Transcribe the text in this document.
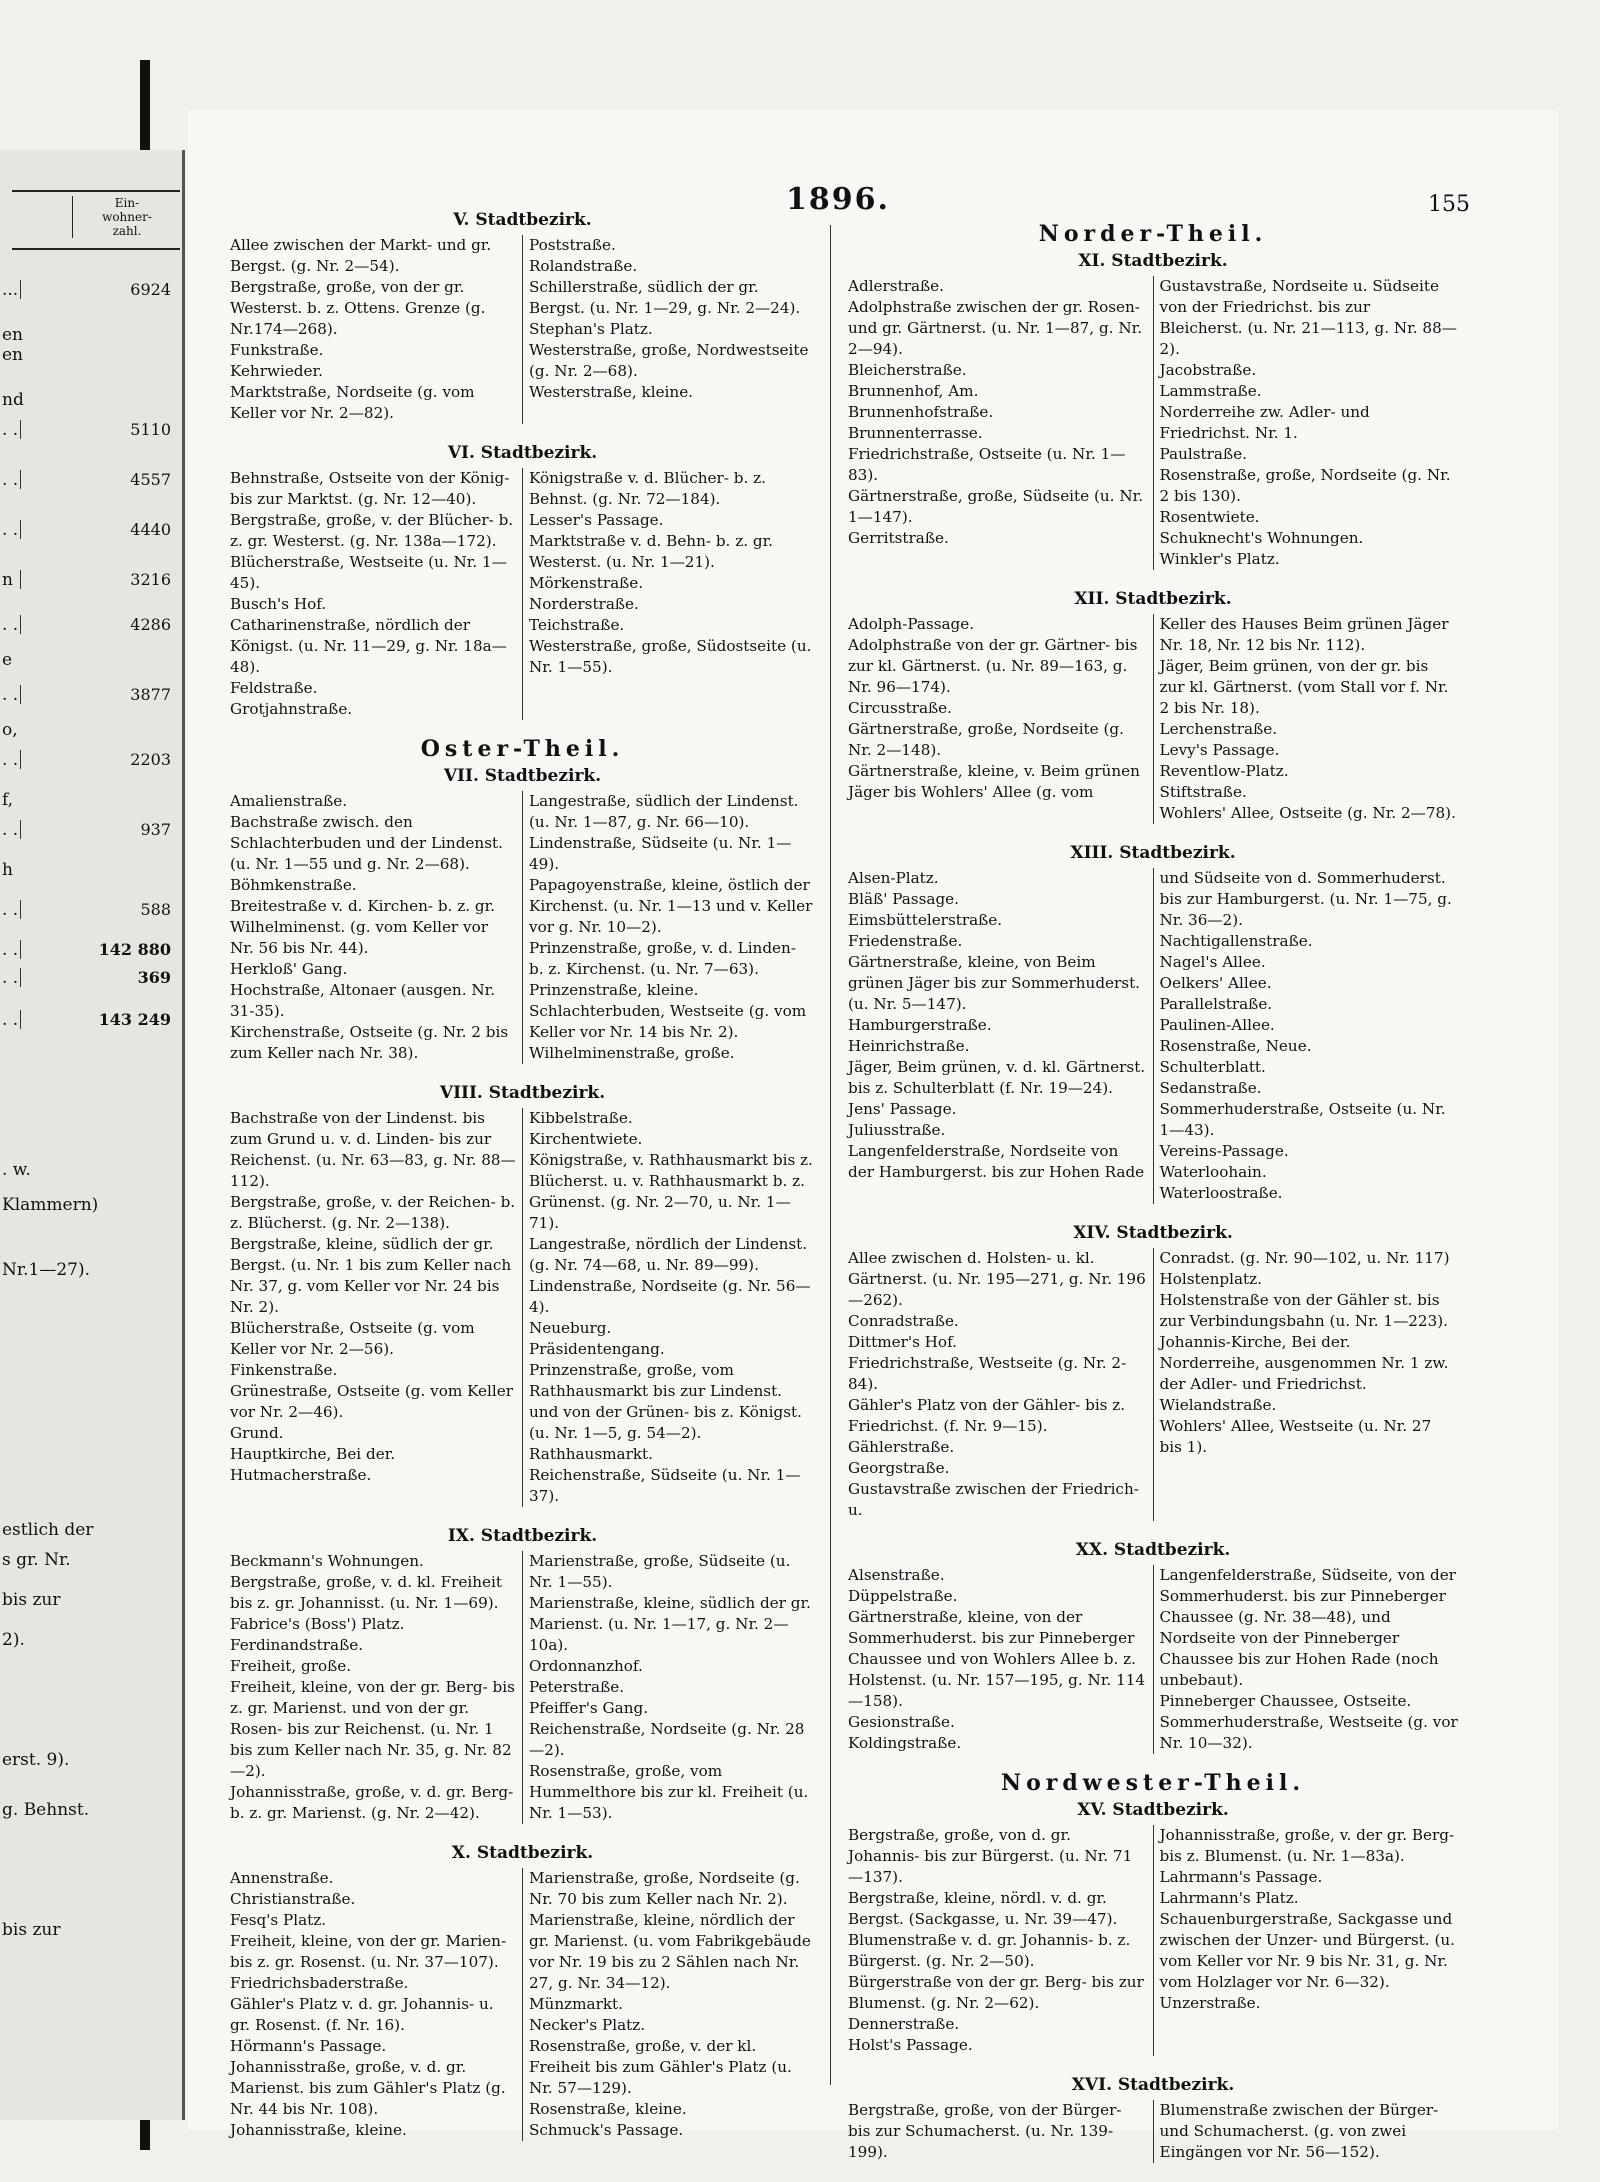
Ein-
wohner-
zahl.
...	6924
en
en
nd
. .	5110
. .	4557
. .	4440
n	3216
. .	4286
e
. .	3877
o,
. .	2203
f,
. .	937
h
. .	588
. .	142 880
. .	369
. .	143 249
. w.
Klammern)
Nr.1—27).
estlich der
s gr. Nr.
bis zur
2).
erst. 9).
g. Behnst.
bis zur
1896.	155
V. Stadtbezirk.

Allee zwischen der Markt- und gr. Bergst. (g. Nr. 2—54).

Bergstraße, große, von der gr. Westerst. b. z. Ottens. Grenze (g. Nr.174—268).

Funkstraße.

Kehrwieder.

Marktstraße, Nordseite (g. vom Keller vor Nr. 2—82).

Poststraße.

Rolandstraße.

Schillerstraße, südlich der gr. Bergst. (u. Nr. 1—29, g. Nr. 2—24).

Stephan's Platz.

Westerstraße, große, Nordwestseite (g. Nr. 2—68).

Westerstraße, kleine.

VI. Stadtbezirk.

Behnstraße, Ostseite von der König- bis zur Marktst. (g. Nr. 12—40).

Bergstraße, große, v. der Blücher- b. z. gr. Westerst. (g. Nr. 138a—172).

Blücherstraße, Westseite (u. Nr. 1—45).

Busch's Hof.

Catharinenstraße, nördlich der Königst. (u. Nr. 11—29, g. Nr. 18a—48).

Feldstraße.

Grotjahnstraße.

Königstraße v. d. Blücher- b. z. Behnst. (g. Nr. 72—184).

Lesser's Passage.

Marktstraße v. d. Behn- b. z. gr. Westerst. (u. Nr. 1—21).

Mörkenstraße.

Norderstraße.

Teichstraße.

Westerstraße, große, Südostseite (u. Nr. 1—55).

Oster-Theil.
VII. Stadtbezirk.

Amalienstraße.

Bachstraße zwisch. den Schlachterbuden und der Lindenst. (u. Nr. 1—55 und g. Nr. 2—68).

Böhmkenstraße.

Breitestraße v. d. Kirchen- b. z. gr. Wilhelminenst. (g. vom Keller vor Nr. 56 bis Nr. 44).

Herkloß' Gang.

Hochstraße, Altonaer (ausgen. Nr. 31-35).

Kirchenstraße, Ostseite (g. Nr. 2 bis zum Keller nach Nr. 38).

Langestraße, südlich der Lindenst. (u. Nr. 1—87, g. Nr. 66—10).

Lindenstraße, Südseite (u. Nr. 1—49).

Papagoyenstraße, kleine, östlich der Kirchenst. (u. Nr. 1—13 und v. Keller vor g. Nr. 10—2).

Prinzenstraße, große, v. d. Linden- b. z. Kirchenst. (u. Nr. 7—63).

Prinzenstraße, kleine.

Schlachterbuden, Westseite (g. vom Keller vor Nr. 14 bis Nr. 2).

Wilhelminenstraße, große.

VIII. Stadtbezirk.

Bachstraße von der Lindenst. bis zum Grund u. v. d. Linden- bis zur Reichenst. (u. Nr. 63—83, g. Nr. 88—112).

Bergstraße, große, v. der Reichen- b. z. Blücherst. (g. Nr. 2—138).

Bergstraße, kleine, südlich der gr. Bergst. (u. Nr. 1 bis zum Keller nach Nr. 37, g. vom Keller vor Nr. 24 bis Nr. 2).

Blücherstraße, Ostseite (g. vom Keller vor Nr. 2—56).

Finkenstraße.

Grünestraße, Ostseite (g. vom Keller vor Nr. 2—46).

Grund.

Hauptkirche, Bei der.

Hutmacherstraße.

Kibbelstraße.

Kirchentwiete.

Königstraße, v. Rathhausmarkt bis z. Blücherst. u. v. Rathhausmarkt b. z. Grünenst. (g. Nr. 2—70, u. Nr. 1—71).

Langestraße, nördlich der Lindenst. (g. Nr. 74—68, u. Nr. 89—99).

Lindenstraße, Nordseite (g. Nr. 56—4).

Neueburg.

Präsidentengang.

Prinzenstraße, große, vom Rathhausmarkt bis zur Lindenst. und von der Grünen- bis z. Königst. (u. Nr. 1—5, g. 54—2).

Rathhausmarkt.

Reichenstraße, Südseite (u. Nr. 1—37).

IX. Stadtbezirk.

Beckmann's Wohnungen.

Bergstraße, große, v. d. kl. Freiheit bis z. gr. Johannisst. (u. Nr. 1—69).

Fabrice's (Boss') Platz.

Ferdinandstraße.

Freiheit, große.

Freiheit, kleine, von der gr. Berg- bis z. gr. Marienst. und von der gr. Rosen- bis zur Reichenst. (u. Nr. 1 bis zum Keller nach Nr. 35, g. Nr. 82—2).

Johannisstraße, große, v. d. gr. Berg- b. z. gr. Marienst. (g. Nr. 2—42).

Marienstraße, große, Südseite (u. Nr. 1—55).

Marienstraße, kleine, südlich der gr. Marienst. (u. Nr. 1—17, g. Nr. 2—10a).

Ordonnanzhof.

Peterstraße.

Pfeiffer's Gang.

Reichenstraße, Nordseite (g. Nr. 28—2).

Rosenstraße, große, vom Hummelthore bis zur kl. Freiheit (u. Nr. 1—53).

X. Stadtbezirk.

Annenstraße.

Christianstraße.

Fesq's Platz.

Freiheit, kleine, von der gr. Marien- bis z. gr. Rosenst. (u. Nr. 37—107).

Friedrichsbaderstraße.

Gähler's Platz v. d. gr. Johannis- u. gr. Rosenst. (f. Nr. 16).

Hörmann's Passage.

Johannisstraße, große, v. d. gr. Marienst. bis zum Gähler's Platz (g. Nr. 44 bis Nr. 108).

Johannisstraße, kleine.

Marienstraße, große, Nordseite (g. Nr. 70 bis zum Keller nach Nr. 2).

Marienstraße, kleine, nördlich der gr. Marienst. (u. vom Fabrikgebäude vor Nr. 19 bis zu 2 Sählen nach Nr. 27, g. Nr. 34—12).

Münzmarkt.

Necker's Platz.

Rosenstraße, große, v. der kl. Freiheit bis zum Gähler's Platz (u. Nr. 57—129).

Rosenstraße, kleine.

Schmuck's Passage.

Norder-Theil.
XI. Stadtbezirk.

Adlerstraße.

Adolphstraße zwischen der gr. Rosen- und gr. Gärtnerst. (u. Nr. 1—87, g. Nr. 2—94).

Bleicherstraße.

Brunnenhof, Am.

Brunnenhofstraße.

Brunnenterrasse.

Friedrichstraße, Ostseite (u. Nr. 1—83).

Gärtnerstraße, große, Südseite (u. Nr. 1—147).

Gerritstraße.

Gustavstraße, Nordseite u. Südseite von der Friedrichst. bis zur Bleicherst. (u. Nr. 21—113, g. Nr. 88—2).

Jacobstraße.

Lammstraße.

Norderreihe zw. Adler- und Friedrichst. Nr. 1.

Paulstraße.

Rosenstraße, große, Nordseite (g. Nr. 2 bis 130).

Rosentwiete.

Schuknecht's Wohnungen.

Winkler's Platz.

XII. Stadtbezirk.

Adolph-Passage.

Adolphstraße von der gr. Gärtner- bis zur kl. Gärtnerst. (u. Nr. 89—163, g. Nr. 96—174).

Circusstraße.

Gärtnerstraße, große, Nordseite (g. Nr. 2—148).

Gärtnerstraße, kleine, v. Beim grünen Jäger bis Wohlers' Allee (g. vom

Keller des Hauses Beim grünen Jäger Nr. 18, Nr. 12 bis Nr. 112).

Jäger, Beim grünen, von der gr. bis zur kl. Gärtnerst. (vom Stall vor f. Nr. 2 bis Nr. 18).

Lerchenstraße.

Levy's Passage.

Reventlow-Platz.

Stiftstraße.

Wohlers' Allee, Ostseite (g. Nr. 2—78).

XIII. Stadtbezirk.

Alsen-Platz.

Bläß' Passage.

Eimsbüttelerstraße.

Friedenstraße.

Gärtnerstraße, kleine, von Beim grünen Jäger bis zur Sommerhuderst. (u. Nr. 5—147).

Hamburgerstraße.

Heinrichstraße.

Jäger, Beim grünen, v. d. kl. Gärtnerst. bis z. Schulterblatt (f. Nr. 19—24).

Jens' Passage.

Juliusstraße.

Langenfelderstraße, Nordseite von der Hamburgerst. bis zur Hohen Rade

und Südseite von d. Sommerhuderst. bis zur Hamburgerst. (u. Nr. 1—75, g. Nr. 36—2).

Nachtigallenstraße.

Nagel's Allee.

Oelkers' Allee.

Parallelstraße.

Paulinen-Allee.

Rosenstraße, Neue.

Schulterblatt.

Sedanstraße.

Sommerhuderstraße, Ostseite (u. Nr. 1—43).

Vereins-Passage.

Waterloohain.

Waterloostraße.

XIV. Stadtbezirk.

Allee zwischen d. Holsten- u. kl. Gärtnerst. (u. Nr. 195—271, g. Nr. 196—262).

Conradstraße.

Dittmer's Hof.

Friedrichstraße, Westseite (g. Nr. 2-84).

Gähler's Platz von der Gähler- bis z. Friedrichst. (f. Nr. 9—15).

Gählerstraße.

Georgstraße.

Gustavstraße zwischen der Friedrich- u.

Conradst. (g. Nr. 90—102, u. Nr. 117)

Holstenplatz.

Holstenstraße von der Gähler st. bis zur Verbindungsbahn (u. Nr. 1—223).

Johannis-Kirche, Bei der.

Norderreihe, ausgenommen Nr. 1 zw. der Adler- und Friedrichst.

Wielandstraße.

Wohlers' Allee, Westseite (u. Nr. 27 bis 1).

XX. Stadtbezirk.

Alsenstraße.

Düppelstraße.

Gärtnerstraße, kleine, von der Sommerhuderst. bis zur Pinneberger Chaussee und von Wohlers Allee b. z. Holstenst. (u. Nr. 157—195, g. Nr. 114—158).

Gesionstraße.

Koldingstraße.

Langenfelderstraße, Südseite, von der Sommerhuderst. bis zur Pinneberger Chaussee (g. Nr. 38—48), und Nordseite von der Pinneberger Chaussee bis zur Hohen Rade (noch unbebaut).

Pinneberger Chaussee, Ostseite.

Sommerhuderstraße, Westseite (g. vor Nr. 10—32).

Nordwester-Theil.
XV. Stadtbezirk.

Bergstraße, große, von d. gr. Johannis- bis zur Bürgerst. (u. Nr. 71—137).

Bergstraße, kleine, nördl. v. d. gr. Bergst. (Sackgasse, u. Nr. 39—47).

Blumenstraße v. d. gr. Johannis- b. z. Bürgerst. (g. Nr. 2—50).

Bürgerstraße von der gr. Berg- bis zur Blumenst. (g. Nr. 2—62).

Dennerstraße.

Holst's Passage.

Johannisstraße, große, v. der gr. Berg- bis z. Blumenst. (u. Nr. 1—83a).

Lahrmann's Passage.

Lahrmann's Platz.

Schauenburgerstraße, Sackgasse und zwischen der Unzer- und Bürgerst. (u. vom Keller vor Nr. 9 bis Nr. 31, g. Nr. vom Holzlager vor Nr. 6—32).

Unzerstraße.

XVI. Stadtbezirk.

Bergstraße, große, von der Bürger- bis zur Schumacherst. (u. Nr. 139-199).

Blumenstraße zwischen der Bürger- und Schumacherst. (g. von zwei Eingängen vor Nr. 56—152).
